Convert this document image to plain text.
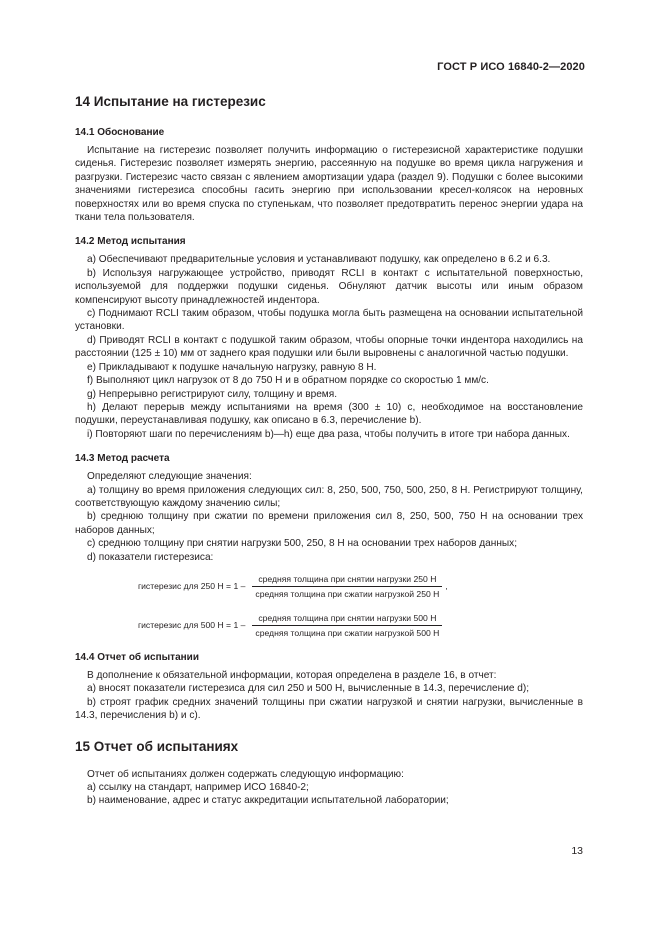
ГОСТ Р ИСО 16840-2—2020
14 Испытание на гистерезис
14.1 Обоснование

Испытание на гистерезис позволяет получить информацию о гистерезисной характеристике подушки сиденья. Гистерезис позволяет измерять энергию, рассеянную на подушке во время цикла нагружения и разгрузки. Гистерезис часто связан с явлением амортизации удара (раздел 9). Подушки с более высокими значениями гистерезиса способны гасить энергию при использовании кресел-колясок на неровных поверхностях или во время спуска по ступенькам, что позволяет предотвратить перенос энергии удара на ткани тела пользователя.

14.2 Метод испытания

a) Обеспечивают предварительные условия и устанавливают подушку, как определено в 6.2 и 6.3.

b) Используя нагружающее устройство, приводят RCLI в контакт с испытательной поверхностью, используемой для поддержки подушки сиденья. Обнуляют датчик высоты или иным образом компенсируют высоту принадлежностей индентора.

c) Поднимают RCLI таким образом, чтобы подушка могла быть размещена на основании испытательной установки.

d) Приводят RCLI в контакт с подушкой таким образом, чтобы опорные точки индентора находились на расстоянии (125 ± 10) мм от заднего края подушки или были выровнены с аналогичной частью подушки.

e) Прикладывают к подушке начальную нагрузку, равную 8 Н.

f) Выполняют цикл нагрузок от 8 до 750 Н и в обратном порядке со скоростью 1 мм/с.

g) Непрерывно регистрируют силу, толщину и время.

h) Делают перерыв между испытаниями на время (300 ± 10) с, необходимое на восстановление подушки, переустанавливая подушку, как описано в 6.3, перечисление b).

i) Повторяют шаги по перечислениям b)—h) еще два раза, чтобы получить в итоге три набора данных.

14.3 Метод расчета

Определяют следующие значения:

a) толщину во время приложения следующих сил: 8, 250, 500, 750, 500, 250, 8 Н. Регистрируют толщину, соответствующую каждому значению силы;

b) среднюю толщину при сжатии по времени приложения сил 8, 250, 500, 750 Н на основании трех наборов данных;

c) среднюю толщину при снятии нагрузки 500, 250, 8 Н на основании трех наборов данных;

d) показатели гистерезиса:

гистерезис для 250 $Н = 1 - \frac{\text{средняя толщина при снятии нагрузки 250 Н}}{\text{средняя толщина при сжатии нагрузкой 250 Н}}$ ,
гистерезис для 500 $Н = 1 - \frac{\text{средняя толщина при снятии нагрузки 500 Н}}{\text{средняя толщина при сжатии нагрузкой 500 Н}}$
14.4 Отчет об испытании

В дополнение к обязательной информации, которая определена в разделе 16, в отчет:

a) вносят показатели гистерезиса для сил 250 и 500 Н, вычисленные в 14.3, перечисление d);

b) строят график средних значений толщины при сжатии нагрузкой и снятии нагрузки, вычисленные в 14.3, перечисления b) и c).

15 Отчет об испытаниях

Отчет об испытаниях должен содержать следующую информацию:

a) ссылку на стандарт, например ИСО 16840-2;

b) наименование, адрес и статус аккредитации испытательной лаборатории;

13
